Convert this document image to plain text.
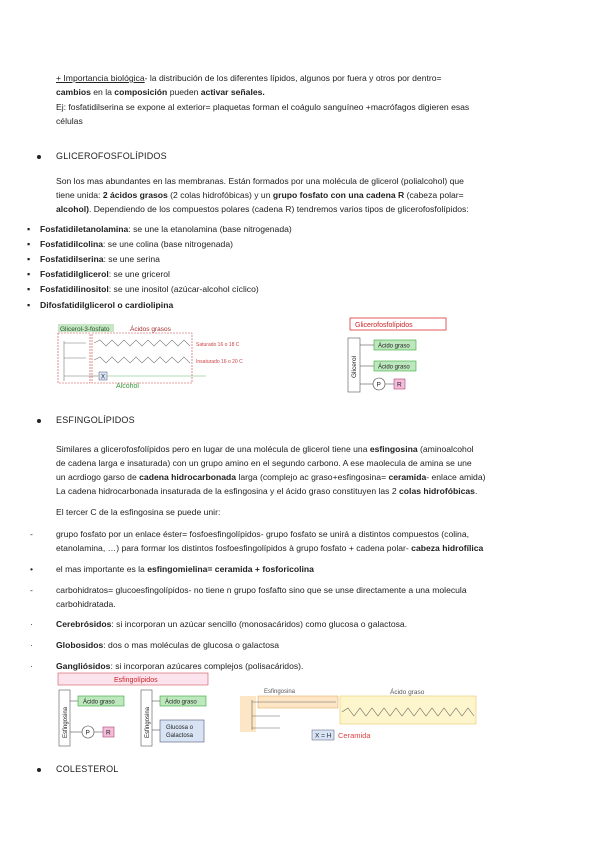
+ Importancia biológica- la distribución de los diferentes lípidos, algunos por fuera y otros por dentro=
cambios en la composición pueden activar señales.
Ej: fosfatidilserina se expone al exterior= plaquetas forman el coágulo sanguíneo +macrófagos digieren esas
células
GLICEROFOSFOLÍPIDOS
Son los mas abundantes en las membranas. Están formados por una molécula de glicerol (polialcohol) que
tiene unida: 2 ácidos grasos (2 colas hidrofóbicas) y un grupo fosfato con una cadena R (cabeza polar=
alcohol). Dependiendo de los compuestos polares (cadena R) tendremos varios tipos de glicerofosfolípidos:
▪ Fosfatidiletanolamina: se une la etanolamina (base nitrogenada)
▪ Fosfatidilcolina: se une colina (base nitrogenada)
▪ Fosfatidilserina: se une serina
▪ Fosfatidilglicerol: se une gricerol
▪ Fosfatidilinositol: se une inositol (azúcar-alcohol cíclico)
▪ Difosfatidilglicerol o cardiolipina
Glicerol-3-fosfato	Ácidos grasos
X
Alcohol
Saturado 16 o 18 C
Insaturado 16 o 20 C
Glicerofosfolípidos
Glicerol
Ácido graso
Ácido graso
P R
ESFINGOLÍPIDOS
Similares a glicerofosfolípidos pero en lugar de una molécula de glicerol tiene una esfingosina (aminoalcohol
de cadena larga e insaturada) con un grupo amino en el segundo carbono. A ese maolecula de amina se une
un acrdiogo garso de cadena hidrocarbonada larga (complejo ac graso+esfingosina= ceramida- enlace amida)
La cadena hidrocarbonada insaturada de la esfingosina y el ácido graso constituyen las 2 colas hidrofóbicas.
El tercer C de la esfingosina se puede unir:
-	grupo fosfato por un enlace éster= fosfoesfingolípidos- grupo fosfato se unirá a distintos compuestos (colina,
etanolamina, …) para formar los distintos fosfoesfingolípidos à grupo fosfato + cadena polar- cabeza hidrofílica
•	el mas importante es la esfingomielina= ceramida + fosforicolina
-	carbohidratos= glucoesfingolípidos- no tiene n grupo fosfafto sino que se unse directamente a una molecula
carbohidratada.
·	Cerebrósidos: si incorporan un azúcar sencillo (monosacáridos) como glucosa o galactosa.
·	Globosidos: dos o mas moléculas de glucosa o galactosa
·	Gangliósidos: si incorporan azúcares complejos (polisacáridos).
Esfingolípidos
Esfingosina
Ácido graso
P R	Esfingosina
Ácido graso
Glucosa o
Galactosa
Esfingosina	Ácido graso
X = H Ceramida
COLESTEROL
